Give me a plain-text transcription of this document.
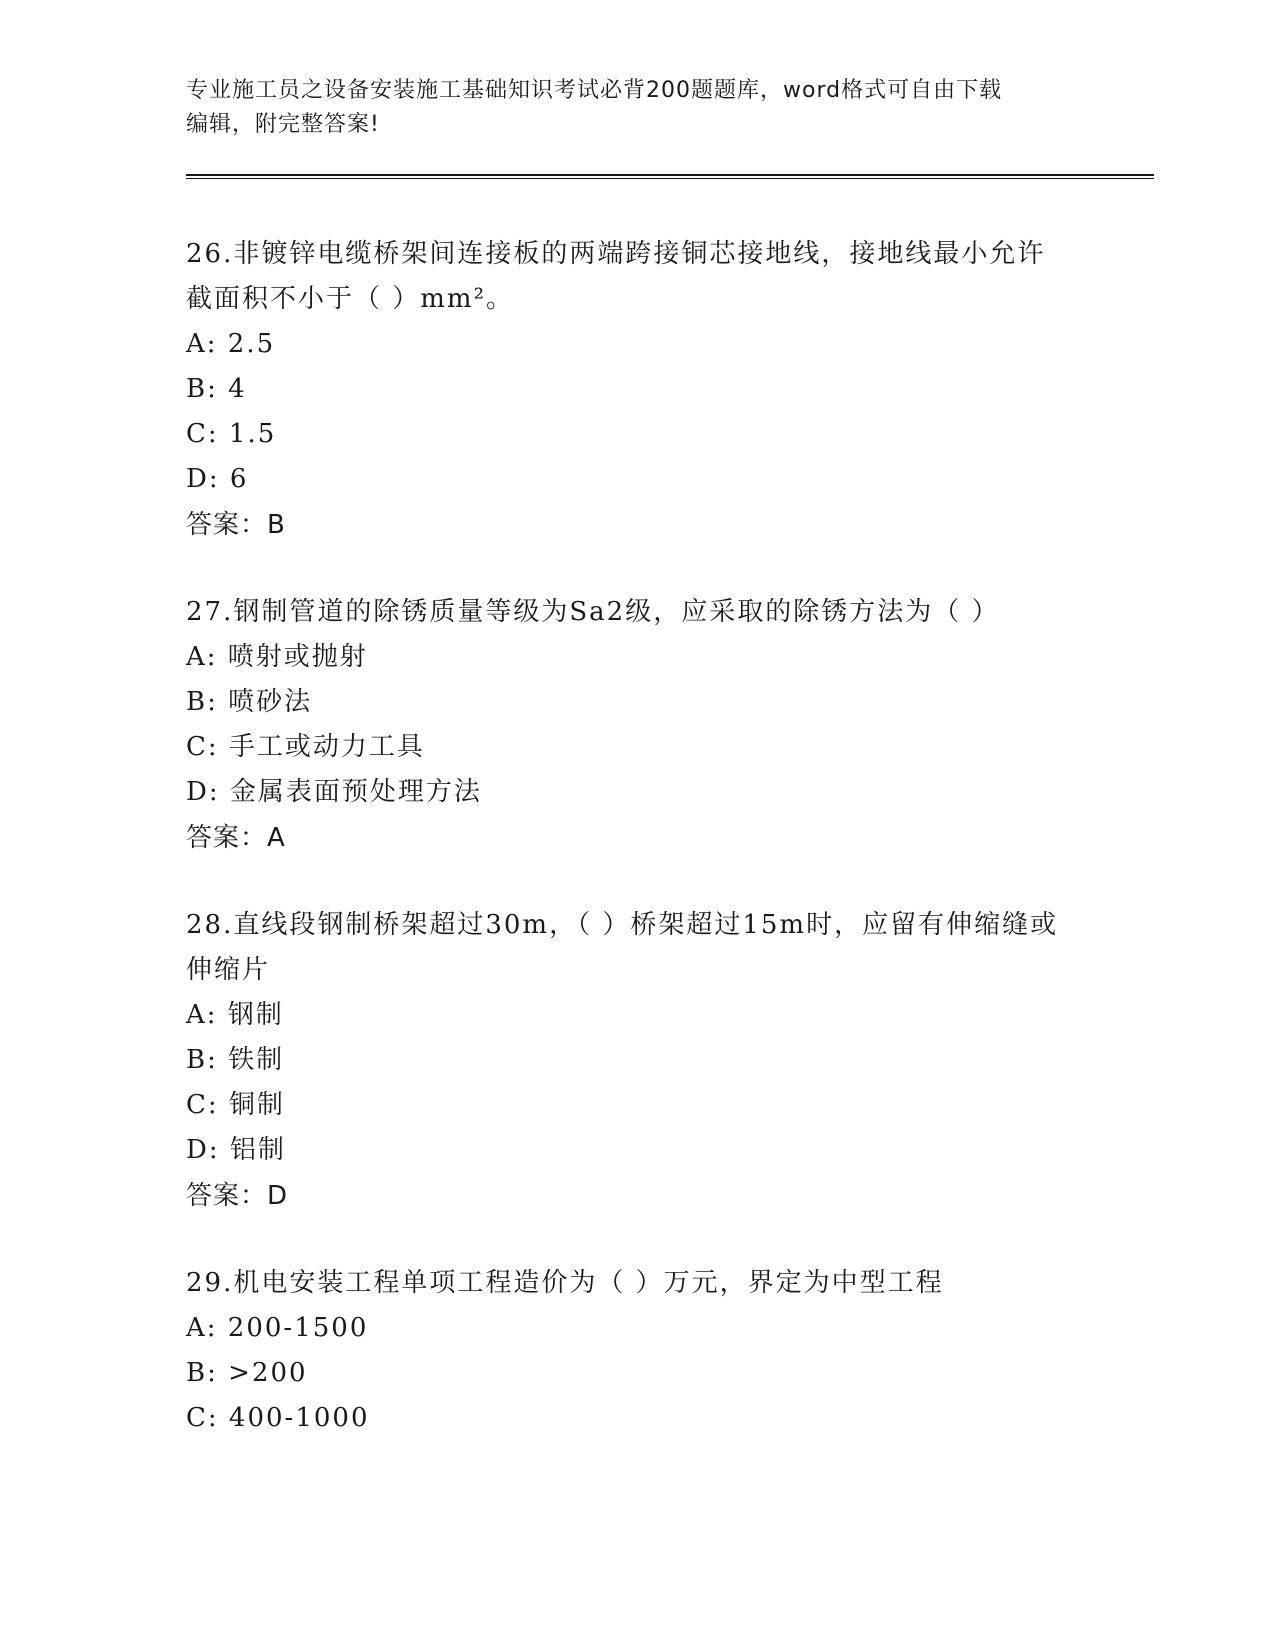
专业施工员之设备安装施工基础知识考试必背200题题库，word格式可自由下载
编辑，附完整答案!
26.非镀锌电缆桥架间连接板的两端跨接铜芯接地线，接地线最小允许
截面积不小于（ ）mm²。
A: 2.5
B: 4
C: 1.5
D: 6
答案：B
27.钢制管道的除锈质量等级为Sa2级，应采取的除锈方法为（ ）
A: 喷射或抛射
B: 喷砂法
C: 手工或动力工具
D: 金属表面预处理方法
答案：A
28.直线段钢制桥架超过30m，（ ）桥架超过15m时，应留有伸缩缝或
伸缩片
A: 钢制
B: 铁制
C: 铜制
D: 铝制
答案：D
29.机电安装工程单项工程造价为（ ）万元，界定为中型工程
A: 200-1500
B: >200
C: 400-1000
